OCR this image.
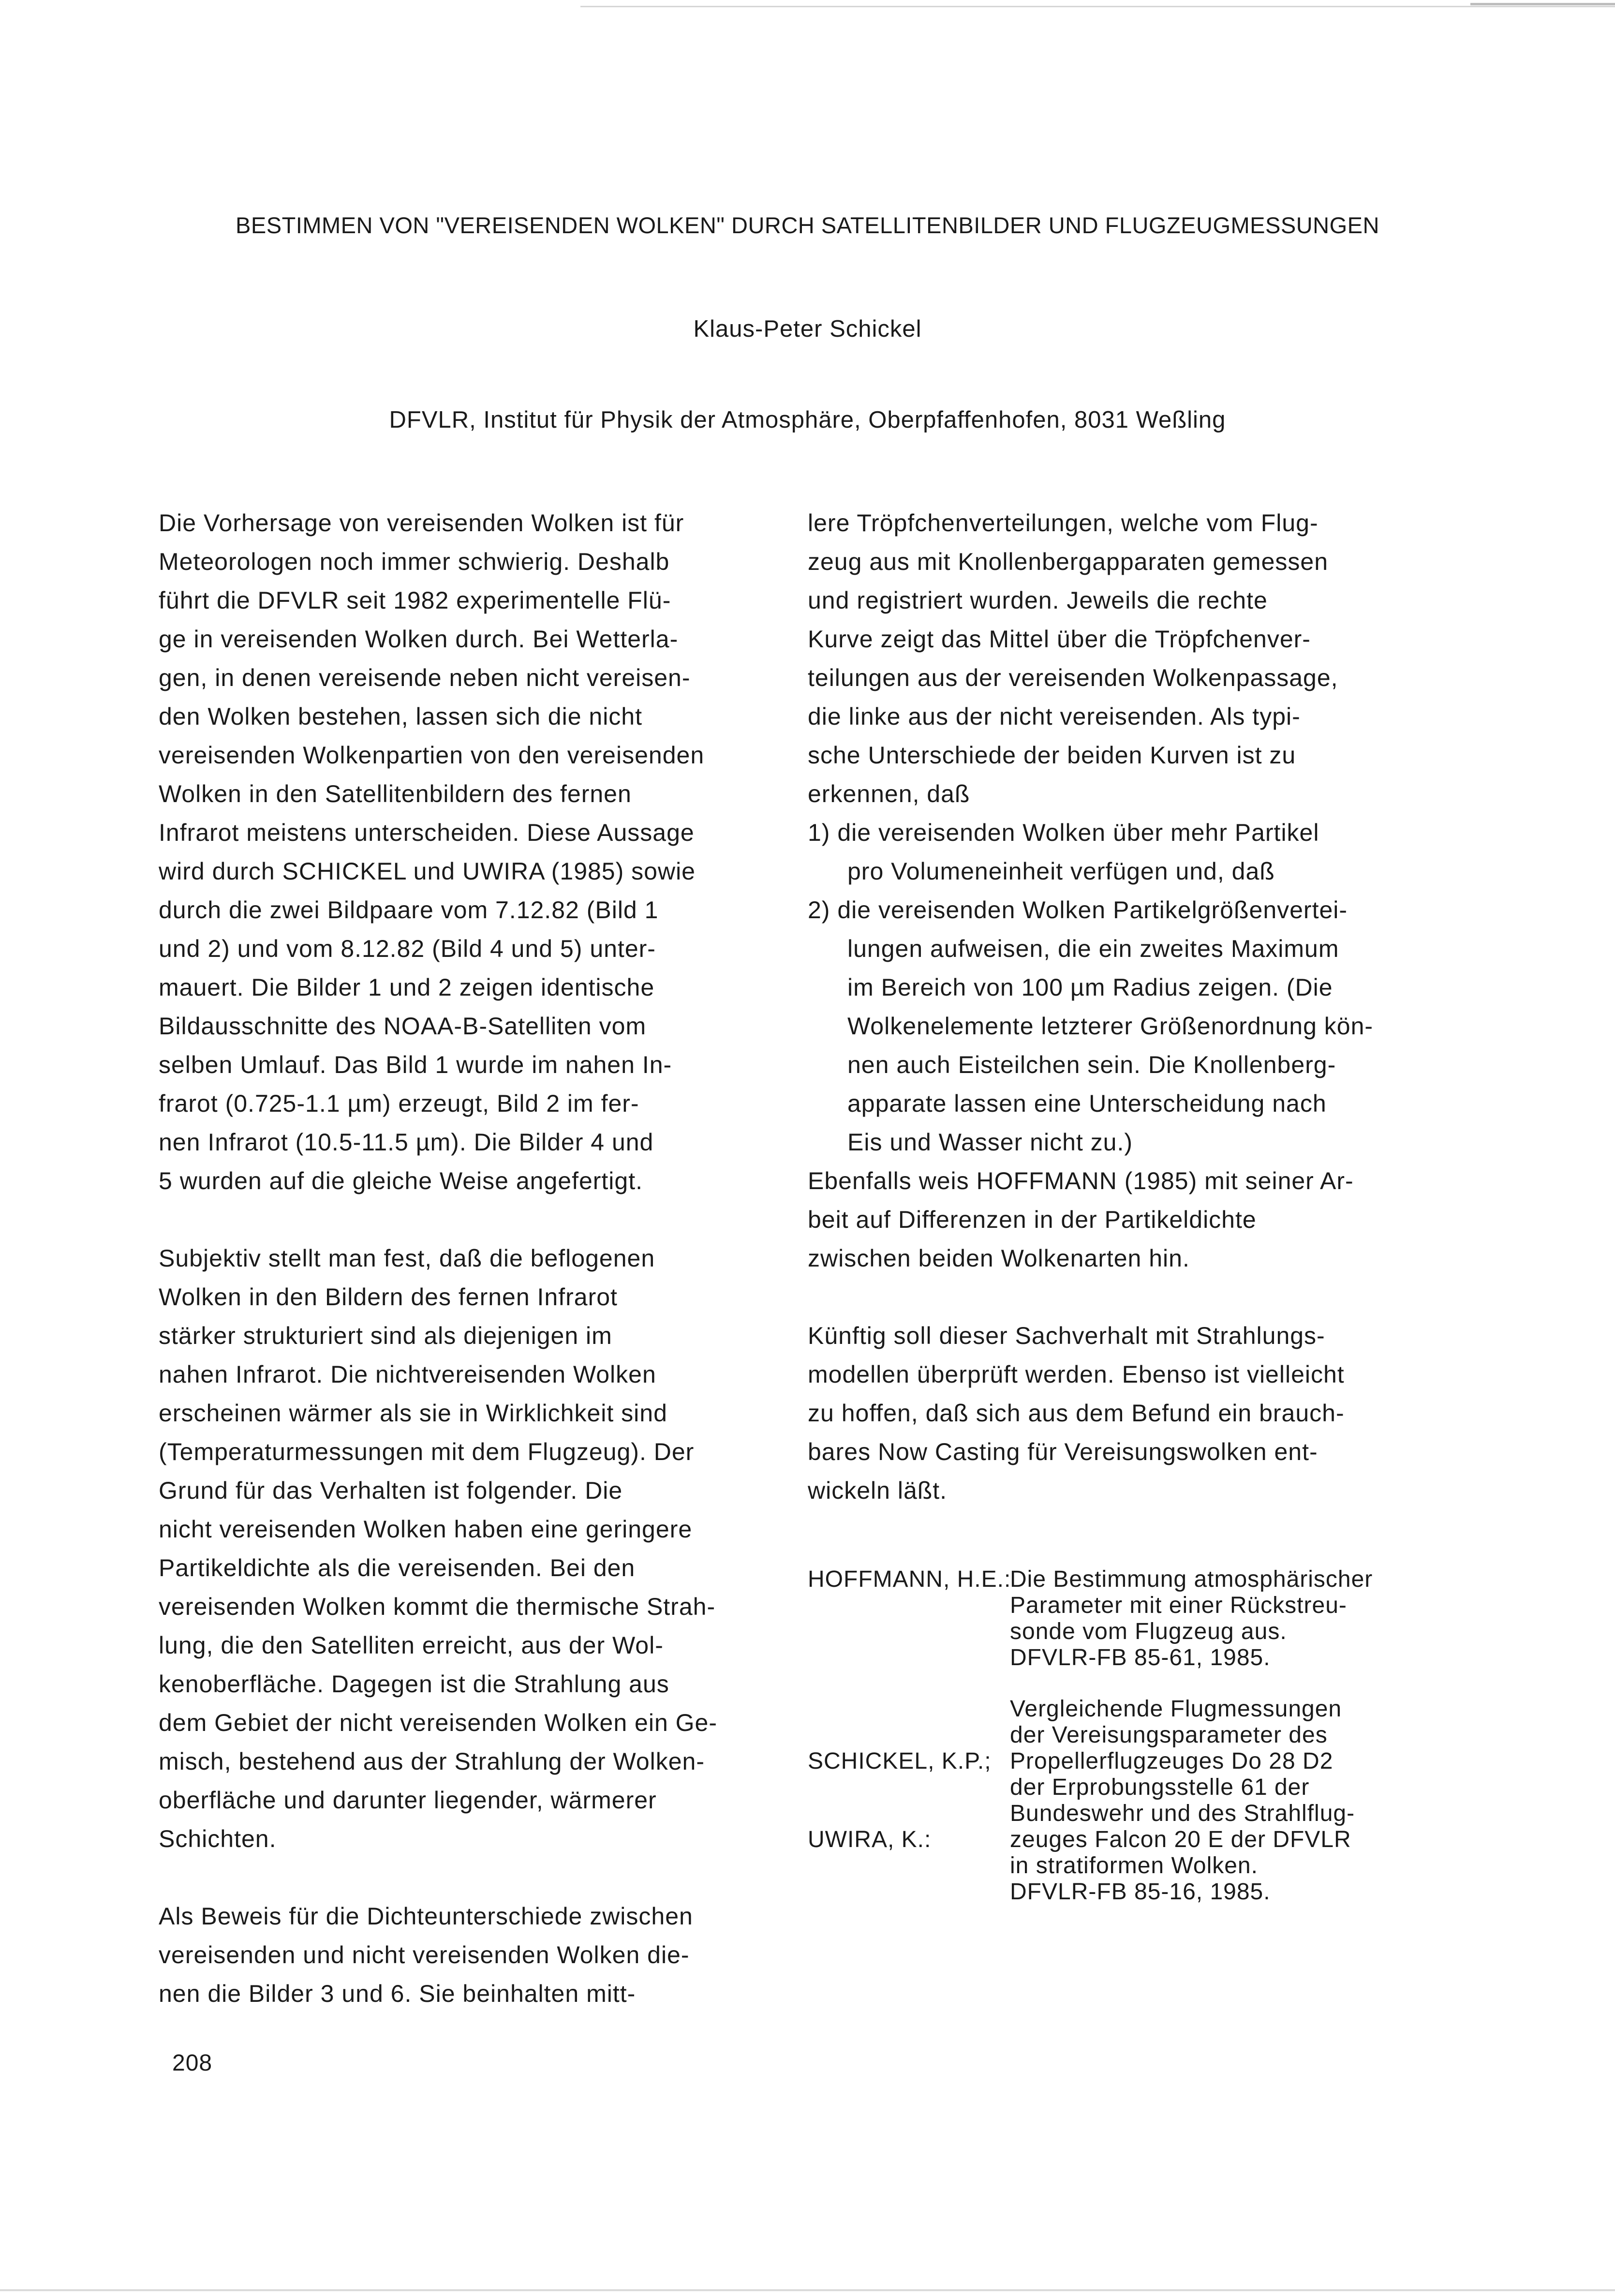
BESTIMMEN VON "VEREISENDEN WOLKEN" DURCH SATELLITENBILDER UND FLUGZEUGMESSUNGEN
Klaus-Peter Schickel
DFVLR, Institut für Physik der Atmosphäre, Oberpfaffenhofen, 8031 Weßling
Die Vorhersage von vereisenden Wolken ist für
Meteorologen noch immer schwierig. Deshalb
führt die DFVLR seit 1982 experimentelle Flü-
ge in vereisenden Wolken durch. Bei Wetterla-
gen, in denen vereisende neben nicht vereisen-
den Wolken bestehen, lassen sich die nicht
vereisenden Wolkenpartien von den vereisenden
Wolken in den Satellitenbildern des fernen
Infrarot meistens unterscheiden. Diese Aussage
wird durch SCHICKEL und UWIRA (1985) sowie
durch die zwei Bildpaare vom 7.12.82 (Bild 1
und 2) und vom 8.12.82 (Bild 4 und 5) unter-
mauert. Die Bilder 1 und 2 zeigen identische
Bildausschnitte des NOAA-B-Satelliten vom
selben Umlauf. Das Bild 1 wurde im nahen In-
frarot (0.725-1.1 µm) erzeugt, Bild 2 im fer-
nen Infrarot (10.5-11.5 µm). Die Bilder 4 und
5 wurden auf die gleiche Weise angefertigt.
Subjektiv stellt man fest, daß die beflogenen
Wolken in den Bildern des fernen Infrarot
stärker strukturiert sind als diejenigen im
nahen Infrarot. Die nichtvereisenden Wolken
erscheinen wärmer als sie in Wirklichkeit sind
(Temperaturmessungen mit dem Flugzeug). Der
Grund für das Verhalten ist folgender. Die
nicht vereisenden Wolken haben eine geringere
Partikeldichte als die vereisenden. Bei den
vereisenden Wolken kommt die thermische Strah-
lung, die den Satelliten erreicht, aus der Wol-
kenoberfläche. Dagegen ist die Strahlung aus
dem Gebiet der nicht vereisenden Wolken ein Ge-
misch, bestehend aus der Strahlung der Wolken-
oberfläche und darunter liegender, wärmerer
Schichten.
Als Beweis für die Dichteunterschiede zwischen
vereisenden und nicht vereisenden Wolken die-
nen die Bilder 3 und 6. Sie beinhalten mitt-
lere Tröpfchenverteilungen, welche vom Flug-
zeug aus mit Knollenbergapparaten gemessen
und registriert wurden. Jeweils die rechte
Kurve zeigt das Mittel über die Tröpfchenver-
teilungen aus der vereisenden Wolkenpassage,
die linke aus der nicht vereisenden. Als typi-
sche Unterschiede der beiden Kurven ist zu
erkennen, daß
1) die vereisenden Wolken über mehr Partikel
pro Volumeneinheit verfügen und, daß
2) die vereisenden Wolken Partikelgrößenvertei-
lungen aufweisen, die ein zweites Maximum
im Bereich von 100 µm Radius zeigen. (Die
Wolkenelemente letzterer Größenordnung kön-
nen auch Eisteilchen sein. Die Knollenberg-
apparate lassen eine Unterscheidung nach
Eis und Wasser nicht zu.)
Ebenfalls weis HOFFMANN (1985) mit seiner Ar-
beit auf Differenzen in der Partikeldichte
zwischen beiden Wolkenarten hin.
Künftig soll dieser Sachverhalt mit Strahlungs-
modellen überprüft werden. Ebenso ist vielleicht
zu hoffen, daß sich aus dem Befund ein brauch-
bares Now Casting für Vereisungswolken ent-
wickeln läßt.
HOFFMANN, H.E.:
Die Bestimmung atmosphärischer
Parameter mit einer Rückstreu-
sonde vom Flugzeug aus.
DFVLR-FB 85-61, 1985.

SCHICKEL, K.P.;

UWIRA, K.:

Vergleichende Flugmessungen
der Vereisungsparameter des
Propellerflugzeuges Do 28 D2
der Erprobungsstelle 61 der
Bundeswehr und des Strahlflug-
zeuges Falcon 20 E der DFVLR
in stratiformen Wolken.
DFVLR-FB 85-16, 1985.
208
